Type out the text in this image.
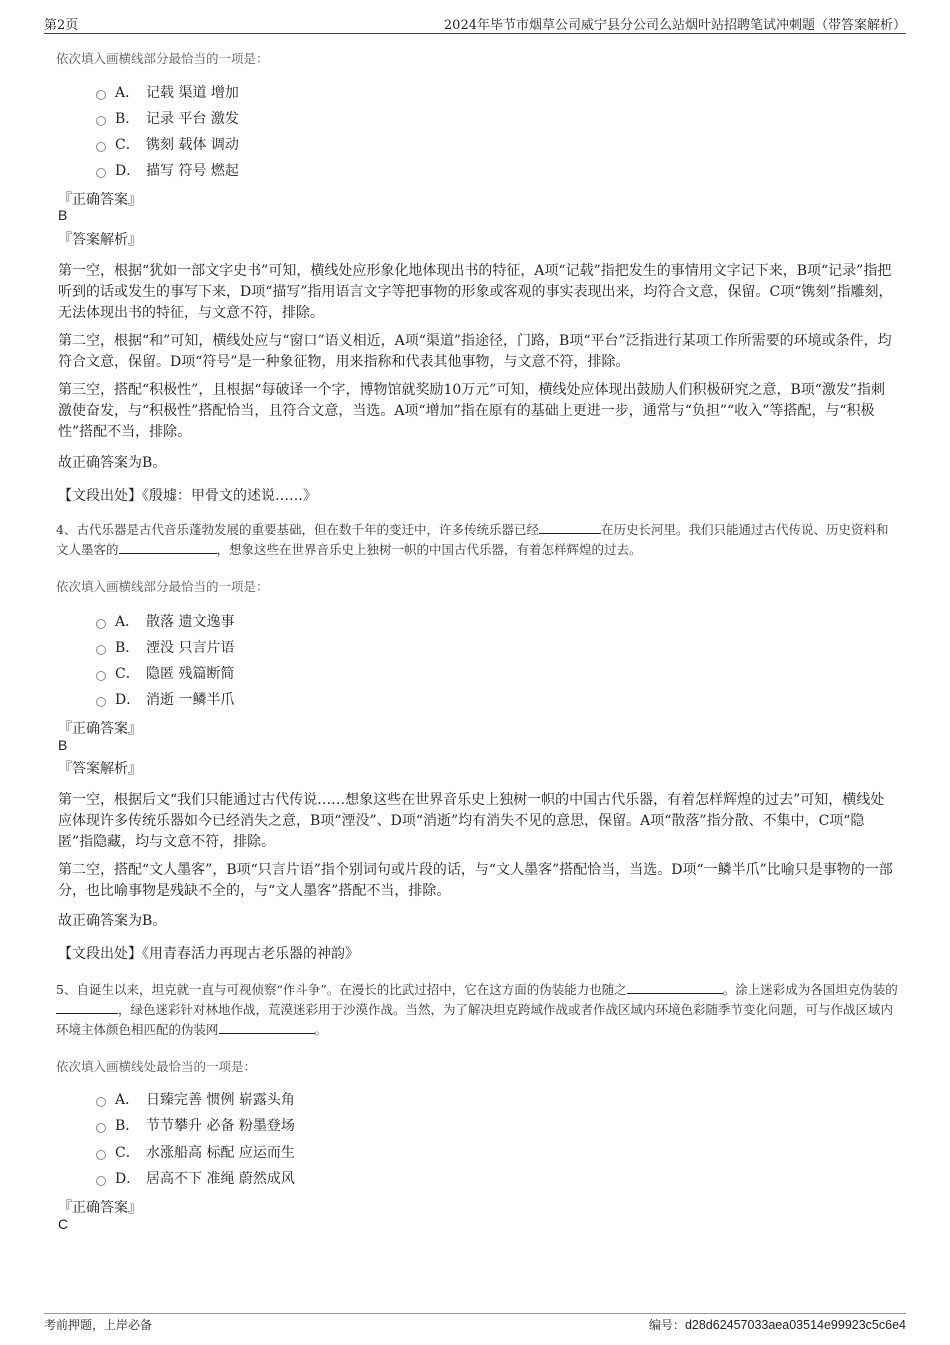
第2页	2024年毕节市烟草公司威宁县分公司么站烟叶站招聘笔试冲刺题（带答案解析）
依次填入画横线部分最恰当的一项是：
A． 记载 渠道 增加
B． 记录 平台 激发
C． 镌刻 载体 调动
D． 描写 符号 燃起
『正确答案』
B
『答案解析』
第一空，根据“犹如一部文字史书”可知，横线处应形象化地体现出书的特征，A项“记载”指把发生的事情用文字记下来，B项“记录”指把听到的话或发生的事写下来，D项“描写”指用语言文字等把事物的形象或客观的事实表现出来，均符合文意，保留。C项“镌刻”指雕刻，无法体现出书的特征，与文意不符，排除。
第二空，根据“和”可知，横线处应与“窗口”语义相近，A项“渠道”指途径，门路，B项“平台”泛指进行某项工作所需要的环境或条件，均符合文意，保留。D项“符号”是一种象征物，用来指称和代表其他事物，与文意不符，排除。
第三空，搭配“积极性”，且根据“每破译一个字，博物馆就奖励10万元”可知，横线处应体现出鼓励人们积极研究之意，B项“激发”指刺激使奋发，与“积极性”搭配恰当，且符合文意，当选。A项“增加”指在原有的基础上更进一步，通常与“负担”“收入”等搭配，与“积极性”搭配不当，排除。
故正确答案为B。
【文段出处】《殷墟：甲骨文的述说……》
4、古代乐器是古代音乐蓬勃发展的重要基础，但在数千年的变迁中，许多传统乐器已经	在历史长河里。我们只能通过古代传说、历史资料和文人墨客的	，想象这些在世界音乐史上独树一帜的中国古代乐器，有着怎样辉煌的过去。
依次填入画横线部分最恰当的一项是：
A． 散落 遗文逸事
B． 湮没 只言片语
C． 隐匿 残篇断简
D． 消逝 一鳞半爪
『正确答案』
B
『答案解析』
第一空，根据后文“我们只能通过古代传说……想象这些在世界音乐史上独树一帜的中国古代乐器，有着怎样辉煌的过去”可知，横线处应体现许多传统乐器如今已经消失之意，B项“湮没”、D项“消逝”均有消失不见的意思，保留。A项“散落”指分散、不集中，C项“隐匿”指隐藏，均与文意不符，排除。
第二空，搭配“文人墨客”，B项“只言片语”指个别词句或片段的话，与“文人墨客”搭配恰当，当选。D项“一鳞半爪”比喻只是事物的一部分，也比喻事物是残缺不全的，与“文人墨客”搭配不当，排除。
故正确答案为B。
【文段出处】《用青春活力再现古老乐器的神韵》
5、自诞生以来，坦克就一直与可视侦察“作斗争”。在漫长的比武过招中，它在这方面的伪装能力也随之	。涂上迷彩成为各国坦克伪装的，绿色迷彩针对林地作战，荒漠迷彩用于沙漠作战。当然，为了解决坦克跨域作战或者作战区域内环境色彩随季节变化问题，可与作战区域内环境主体颜色相匹配的伪装网	。
依次填入画横线处最恰当的一项是：
A． 日臻完善 惯例 崭露头角
B． 节节攀升 必备 粉墨登场
C． 水涨船高 标配 应运而生
D． 居高不下 准绳 蔚然成风
『正确答案』
C
考前押题，上岸必备	编号：d28d62457033aea03514e99923c5c6e4
